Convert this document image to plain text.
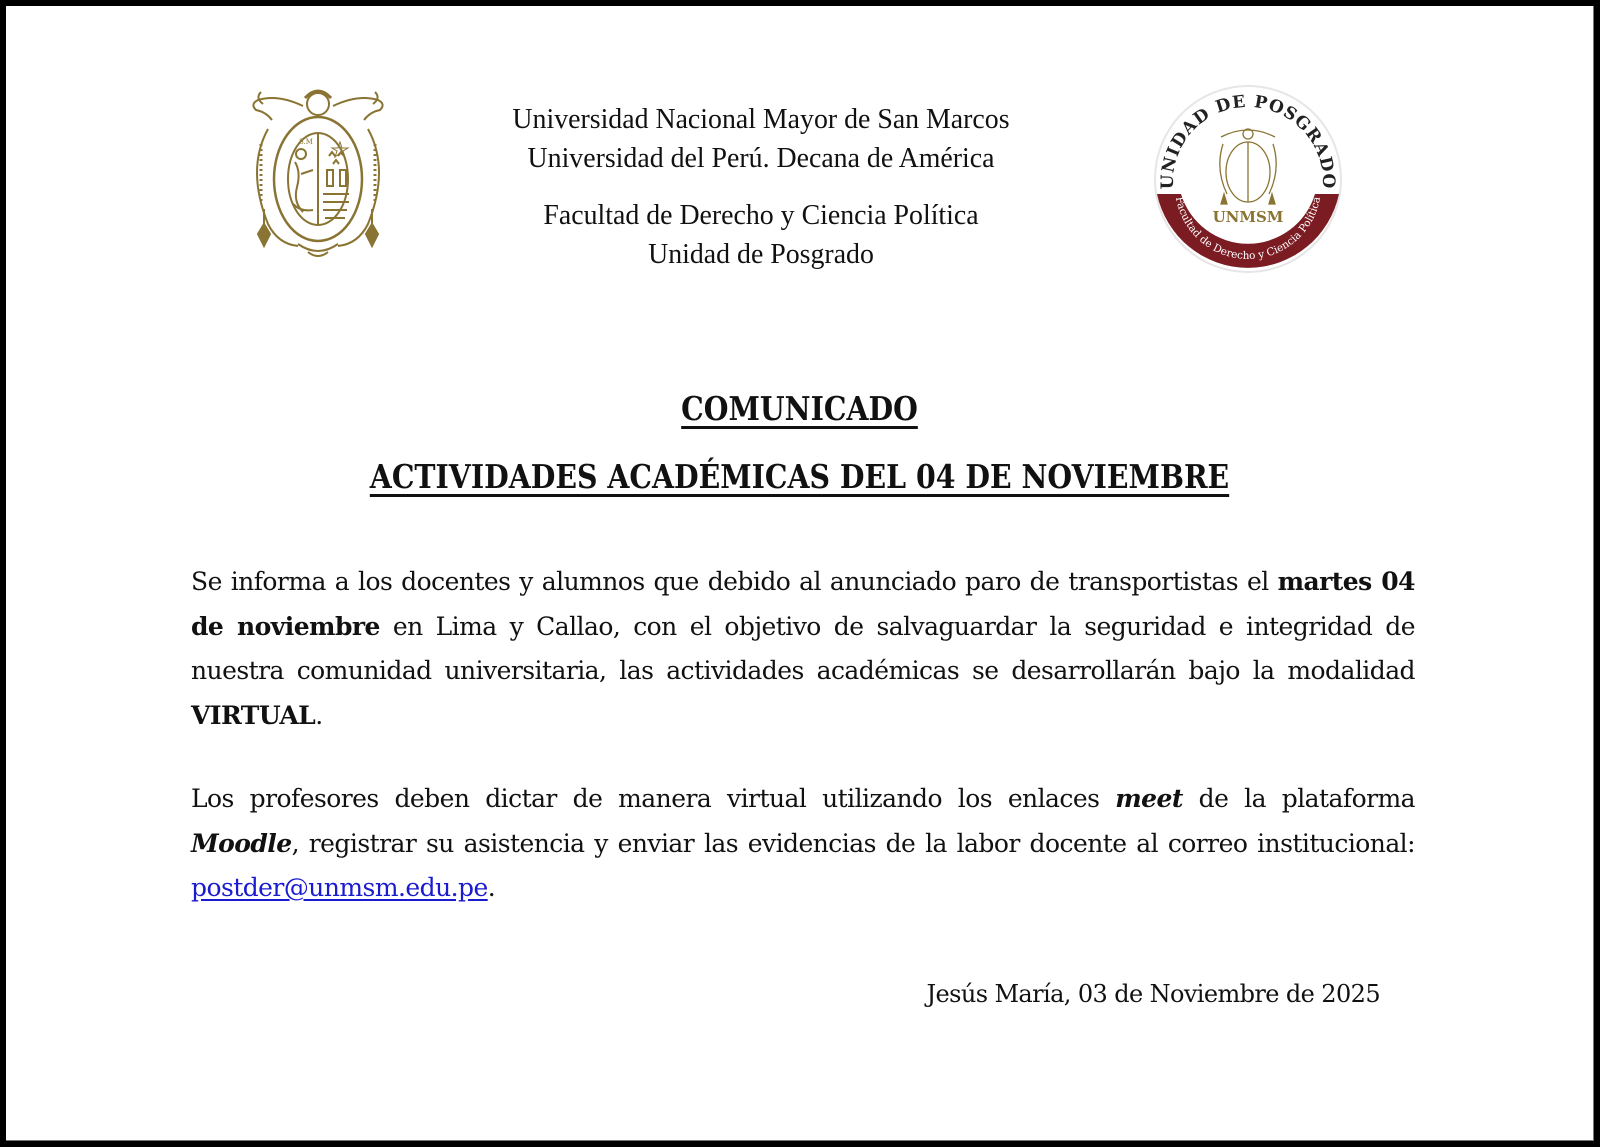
S.M
Universidad Nacional Mayor de San Marcos
Universidad del Perú. Decana de América
Facultad de Derecho y Ciencia Política
Unidad de Posgrado
UNIDAD DE POSGRADO
Facultad de Derecho y Ciencia Política
UNMSM
COMUNICADO
ACTIVIDADES ACADÉMICAS DEL 04 DE NOVIEMBRE
Se informa a los docentes y alumnos que debido al anunciado paro de transportistas el martes 04 de noviembre en Lima y Callao, con el objetivo de salvaguardar la seguridad e integridad de nuestra comunidad universitaria, las actividades académicas se desarrollarán bajo la modalidad VIRTUAL.
Los profesores deben dictar de manera virtual utilizando los enlaces meet de la plataforma Moodle, registrar su asistencia y enviar las evidencias de la labor docente al correo institucional: postder@unmsm.edu.pe.
Jesús María, 03 de Noviembre de 2025
